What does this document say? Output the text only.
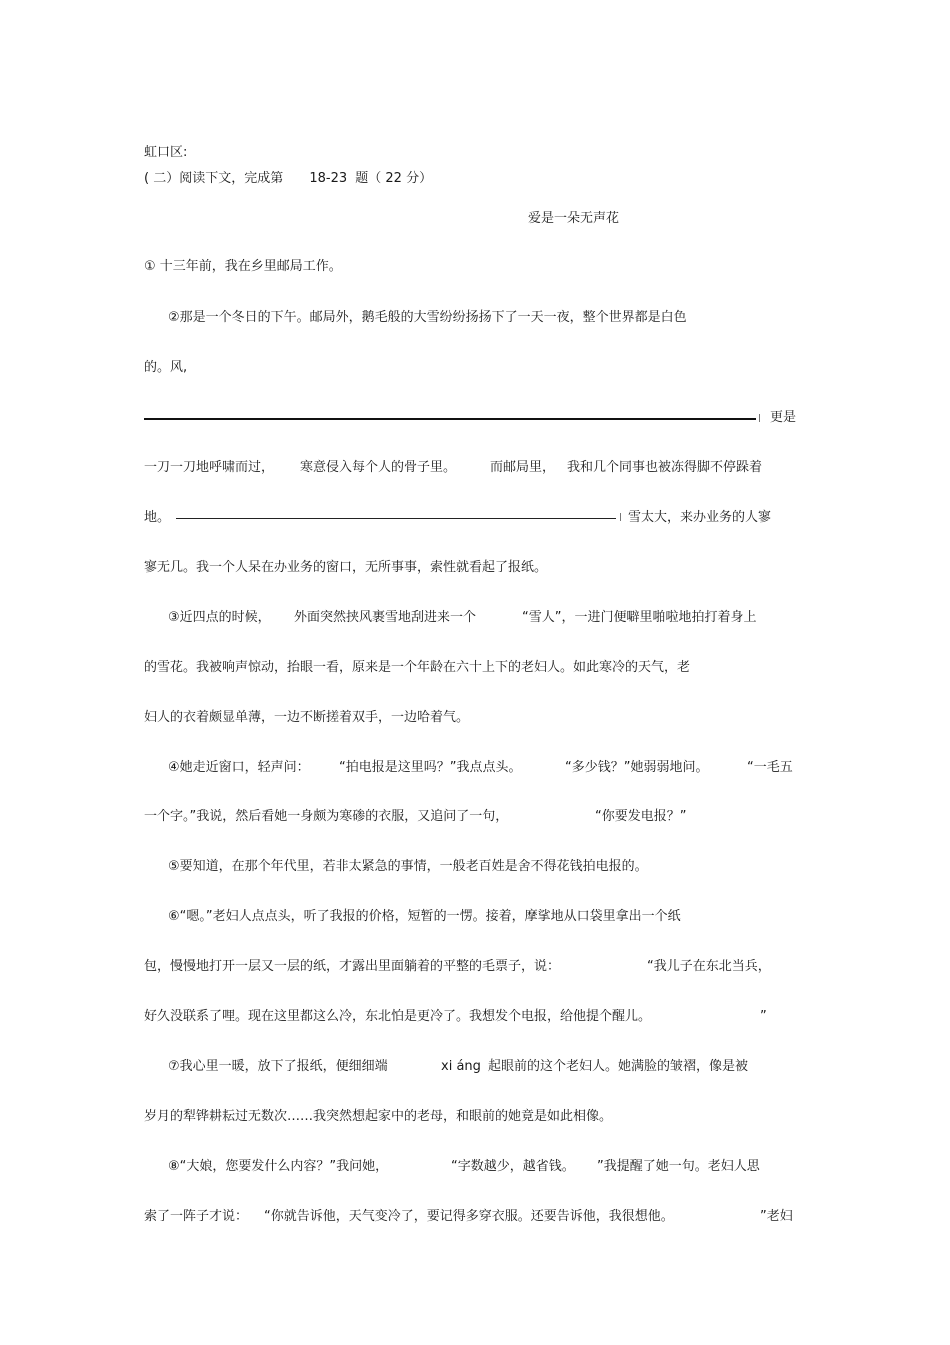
虹口区:
( 二）阅读下文，完成第 18-23 题（ 22 分）
爱是一朵无声花
① 十三年前，我在乡里邮局工作。
②那是一个冬日的下午。邮局外，鹅毛般的大雪纷纷扬扬下了一天一夜，整个世界都是白色
的。风,
更是
一刀一刀地呼啸而过， 寒意侵入每个人的骨子里。	而邮局里， 我和几个同事也被冻得脚不停跺着
地。	雪太大，来办业务的人寥
寥无几。我一个人呆在办业务的窗口，无所事事，索性就看起了报纸。
③近四点的时候， 外面突然挟风裹雪地刮进来一个	“雪人”，一进门便噼里啪啦地拍打着身上
的雪花。我被响声惊动，抬眼一看，原来是一个年龄在六十上下的老妇人。如此寒冷的天气，老
妇人的衣着颇显单薄，一边不断搓着双手，一边哈着气。
④她走近窗口，轻声问： “拍电报是这里吗？”我点点头。	“多少钱？”她弱弱地问。	“一毛五
一个字。”我说，然后看她一身颇为寒碜的衣服，又追问了一句，	“你要发电报？”
⑤要知道，在那个年代里，若非太紧急的事情，一般老百姓是舍不得花钱拍电报的。
⑥“嗯。”老妇人点点头，听了我报的价格，短暂的一愣。接着，摩挲地从口袋里拿出一个纸
包，慢慢地打开一层又一层的纸，才露出里面躺着的平整的毛票子，说：	“我儿子在东北当兵，
好久没联系了哩。现在这里都这么冷，东北怕是更冷了。我想发个电报，给他提个醒儿。	”
⑦我心里一暖，放下了报纸，便细细端	xi áng 起眼前的这个老妇人。她满脸的皱褶，像是被
岁月的犁铧耕耘过无数次……我突然想起家中的老母，和眼前的她竟是如此相像。
⑧“大娘，您要发什么内容？”我问她，	“字数越少，越省钱。 ”我提醒了她一句。老妇人思
索了一阵子才说： “你就告诉他，天气变冷了，要记得多穿衣服。还要告诉他，我很想他。	”老妇
